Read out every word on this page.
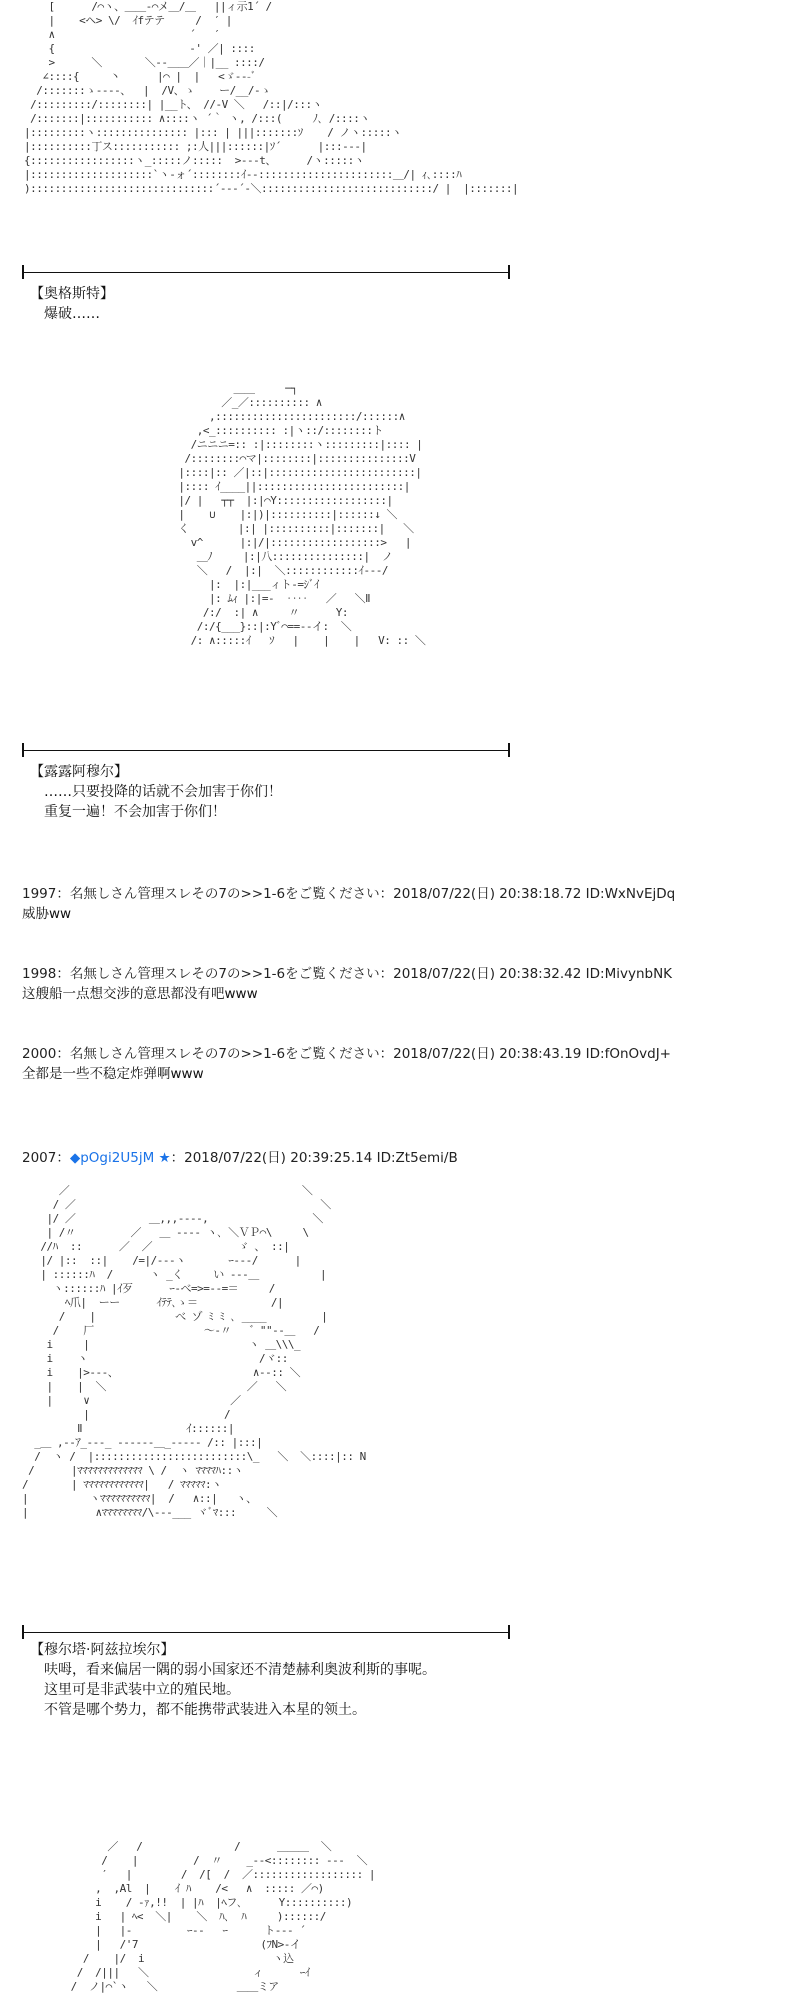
[      /⌒ヽ、＿＿-⌒メ＿/＿   ||ィ示1´ /
|    <ヘ> \/  ｲfテテ     /  ′ |
∧                      ´   ′
{                      ‐' ／| ::::
>      ＼       ＼‐-＿＿／｜|__ ::::/
∠::::{     丶      |⌒ |  |   <ゞ‐--ﾞ
/:::::::ゝ‐‐--、  |  /V、ゝ    ー/__/‐ゝ
/:::::::::/::::::::| |__ト、 //‐V ＼   /::|/:::ヽ
/:::::::|::::::::::: ∧::::ヽ ´｀ ヽ, /:::(     ﾉ､ /::::ヽ
|:::::::::ヽ::::::::::::::: |::: | |||:::::::ｿ    / ノヽ:::::ヽ
|::::::::::丁ス::::::::::: ;:人|||::::::|ｿ´      |:::‐‐‐|
{:::::::::::::::::ヽ_:::::ノ:::::  >‐‐-t、     /ヽ:::::ヽ
|::::::::::::::::::::`ヽ-ォ´::::::::ｲ‐-::::::::::::::::::::::＿/| ｨ､::::ﾊ
)::::::::::::::::::::::::::::::´‐--´‐＼::::::::::::::::::::::::::::/ |  |:::::::|
【奥格斯特】
爆破……
＿＿     ─┐
／_／:::::::::: ∧
,:::::::::::::::::::::::/::::::∧
,<_:::::::::: :|ヽ::/::::::::ト
/ニニニ=:: :|::::::::ヽ:::::::::|:::: |
/::::::::⌒マ|::::::::|:::::::::::::::V
|::::|:: ／|::|::::::::::::::::::::::::|
|:::: ｲ____||::::::::::::::::::::::::|
|/ |   ┬┬  |:|⌒Y::::::::::::::::::|
|    ∪    |:|)|::::::::::|::::::↓ ＼
く        |:| |::::::::::|:::::::|   ＼
v^      |:|/|::::::::::::::::::>   |
＿ﾉ     |:|八:::::::::::::::|  ノ
＼   /  |:|  ＼::::::::::::ｲ‐‐-/
|:  |:|___ィト‐=ｼﾞｲ
|: ﾑｨ |:|=-  ‥‥   ／   ＼Ⅱ
/:/  :| ∧     〃      Y:
/:/{___}::|:Yﾞ⌒==‐-イ:  ＼
/: ∧:::::ｲ   ｿ   |    |    |   V: :: ＼
【露露阿穆尔】
……只要投降的话就不会加害于你们！
重复一遍！不会加害于你们！
1997：名無しさん管理スレその7の>>1-6をご覧ください：2018/07/22(日) 20:38:18.72 ID:WxNvEjDq
威胁ww
1998：名無しさん管理スレその7の>>1-6をご覧ください：2018/07/22(日) 20:38:32.42 ID:MivynbNK
这艘船一点想交涉的意思都没有吧www
2000：名無しさん管理スレその7の>>1-6をご覧ください：2018/07/22(日) 20:38:43.19 ID:fOnOvdJ+
全都是一些不稳定炸弹啊www
2007：◆pOgi2U5jM ★：2018/07/22(日) 20:39:25.14 ID:Zt5emi/B
／                                      ＼
/ ／                                        ＼
|/ ／            ＿,,,-‐‐‐,                 ＼
| /〃         ／   ＿ ‐‐‐‐ ヽ､ ＼ＶＰ⌒\     \
//ﾊ  ::      ／  ／              ゞ 、 ::|
|/ |::  ::|    /=|/‐-‐ヽ       ｰ‐--/      |
| ::::::ﾊ  /      ヽ _く     い -‐-＿          |
ヽ::::::ﾊ |ｲ歹      ｰ-べ=>=‐-=＝     /
ﾍ爪|  ーー      ｲﾃﾃ､ゝ＝            /|
/    |             べ ゾ ﾐ ﾐ ､ ____         |
/    厂                  ～‐〃   ゛""‐-＿   /
i     |                          ヽ ＿\\\_
i    ヽ                            /ヾ::
i    |>‐--、                      ∧‐-:: ＼
|    |  ＼                       ／   ＼
|     ∨                       ／
|                      /
Ⅱ                 ｲ::::::|
_＿ ,-‐ｱ_-‐‐_ ‐‐‐‐‐‐＿_-‐‐-‐ /:: |:::|
/  ヽ /  |:::::::::::::::::::::::::\_   ＼  ＼::::|:: N
/      |ﾏﾏﾏﾏﾏﾏﾏﾏﾏﾏﾏﾏﾏ \ /  ヽ ﾏﾏﾏﾏﾊ::ヽ
/       | ﾏﾏﾏﾏﾏﾏﾏﾏﾏﾏﾏﾏ|   / ﾏﾏﾏﾏﾏ:ヽ
|          ヽﾏﾏﾏﾏﾏﾏﾏﾏﾏﾏ|  /   ∧::|   ヽ、
|           ∧ﾏﾏﾏﾏﾏﾏﾏﾏ/\-‐-___ ヾﾞﾏ:::     ＼
【穆尔塔·阿兹拉埃尔】
呋呣，看来偏居一隅的弱小国家还不清楚赫利奥波利斯的事呢。
这里可是非武装中立的殖民地。
不管是哪个势力，都不能携带武装进入本星的领土。
／   /               /      ＿＿＿  ＼
/    |         /  〃    _-‐<:::::::: ‐‐‐  ＼
′   |        /  /[  /  ／:::::::::::::::::: |
,  ,Al  |    ｲ ﾊ    /<   ∧  ::::: ／⌒)
i    / ‐ｧ,!!  | |ﾊ  |ﾍフ､      Y::::::::::)
i   | ﾍ<  ＼|    ＼  ﾊ､  ﾊ     )::::::/
|   |‐         ｰ‐-   ｰ      ト‐‐‐ ´
|   /'7                    (ﾌN>‐イ
/    |/  i                     ヽ込
/  /|||   ＼                 ィ      ｰｲ
/  ノ|⌒`ヽ   ＼             ＿＿ミア
